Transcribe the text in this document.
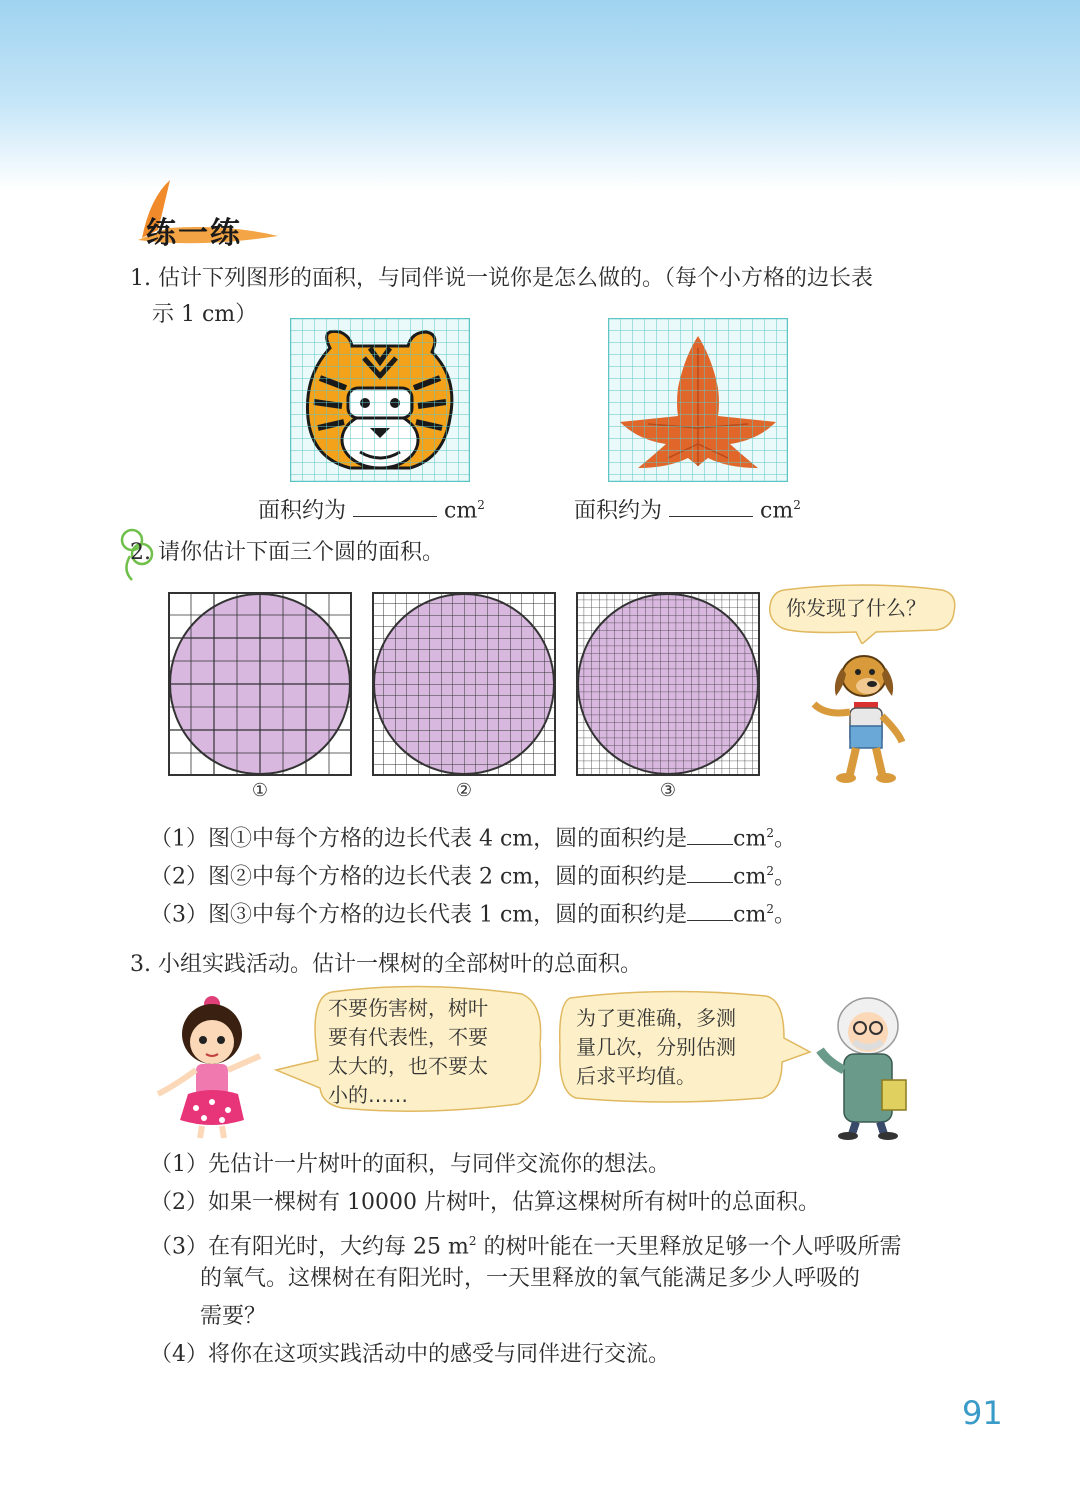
练一练
1. 估计下列图形的面积，与同伴说一说你是怎么做的。（每个小方格的边长表
示 1 cm）
面积约为	$cm^2$	面积约为	$cm^2$
2. 请你估计下面三个圆的面积。
①	②	③
你发现了什么？
（1）图①中每个方格的边长代表 4 cm，圆的面积约是 $cm^2$。
（2）图②中每个方格的边长代表 2 cm，圆的面积约是 $cm^2$。
（3）图③中每个方格的边长代表 1 cm，圆的面积约是 $cm^2$。
3. 小组实践活动。估计一棵树的全部树叶的总面积。
不要伤害树，树叶
要有代表性，不要
太大的，也不要太
小的……
为了更准确，多测
量几次，分别估测
后求平均值。
（1）先估计一片树叶的面积，与同伴交流你的想法。
（2）如果一棵树有 10000 片树叶，估算这棵树所有树叶的总面积。
（3）在有阳光时，大约每 25 $m^2$ 的树叶能在一天里释放足够一个人呼吸所需
的氧气。这棵树在有阳光时，一天里释放的氧气能满足多少人呼吸的
需要？
（4）将你在这项实践活动中的感受与同伴进行交流。
91
